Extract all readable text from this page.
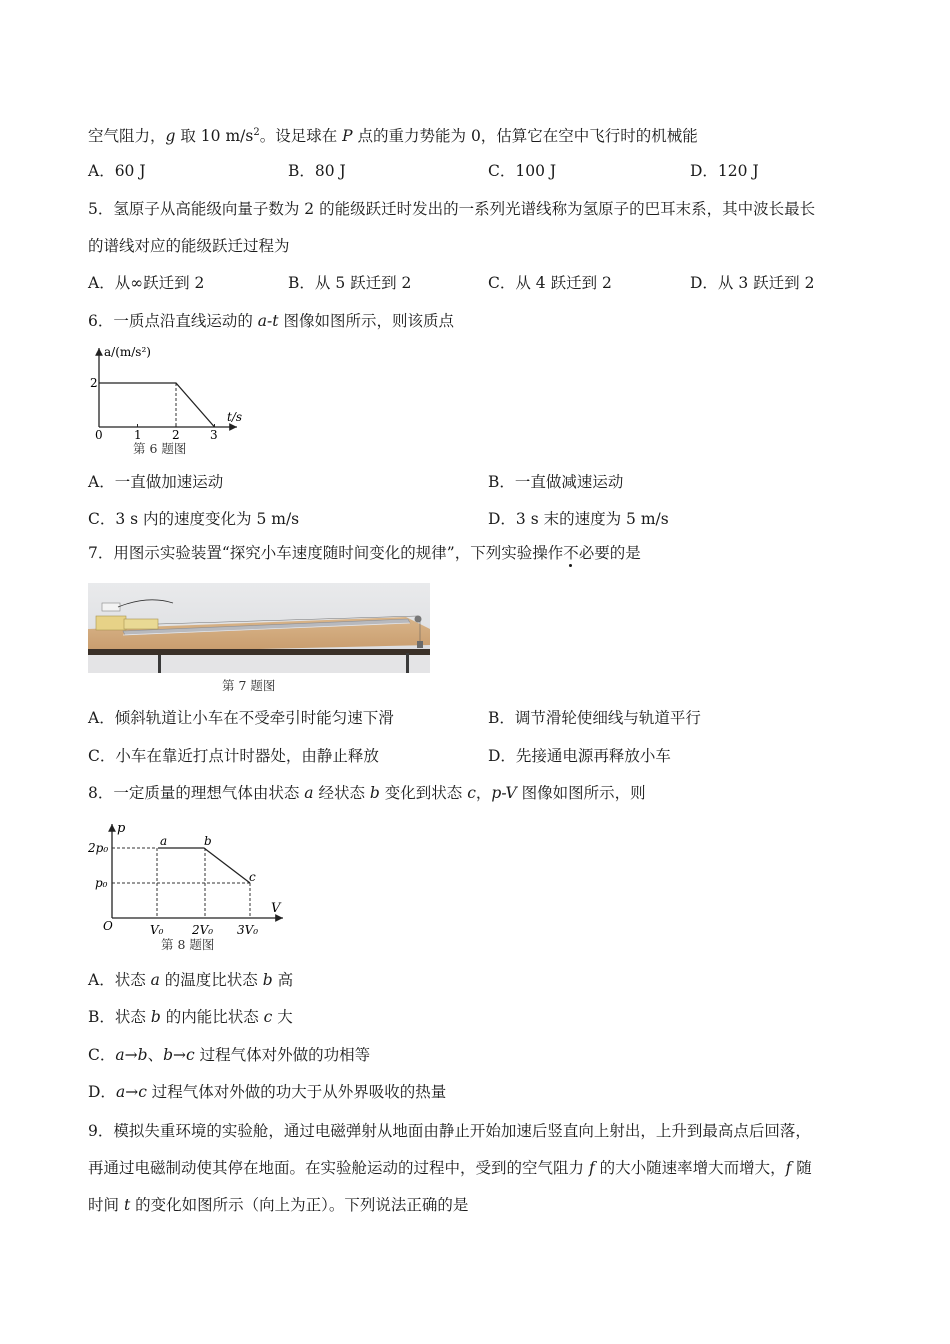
空气阻力，g 取 10 $m/s^2$。设足球在 P 点的重力势能为 0，估算它在空中飞行时的机械能
A．60 J	B．80 J	C．100 J	D．120 J
5．氢原子从高能级向量子数为 2 的能级跃迁时发出的一系列光谱线称为氢原子的巴耳末系，其中波长最长
的谱线对应的能级跃迁过程为
A．从∞跃迁到 2	B．从 5 跃迁到 2	C．从 4 跃迁到 2	D．从 3 跃迁到 2
6．一质点沿直线运动的 a-t 图像如图所示，则该质点
a/(m/s²)
t/s
2
0	1	2	3
第 6 题图
A．一直做加速运动	B．一直做减速运动
C．3 s 内的速度变化为 5 m/s	D．3 s 末的速度为 5 m/s
7．用图示实验装置“探究小车速度随时间变化的规律”，下列实验操作不必要的是
第 7 题图
A．倾斜轨道让小车在不受牵引时能匀速下滑	B．调节滑轮使细线与轨道平行
C．小车在靠近打点计时器处，由静止释放	D．先接通电源再释放小车
8．一定质量的理想气体由状态 a 经状态 b 变化到状态 c，p-V 图像如图所示，则
p
V
O
2p₀
p₀
V₀ 2V₀ 3V₀
a	b
c
第 8 题图
A．状态 a 的温度比状态 b 高
B．状态 b 的内能比状态 c 大
C．a→b、b→c 过程气体对外做的功相等
D．a→c 过程气体对外做的功大于从外界吸收的热量
9．模拟失重环境的实验舱，通过电磁弹射从地面由静止开始加速后竖直向上射出，上升到最高点后回落，
再通过电磁制动使其停在地面。在实验舱运动的过程中，受到的空气阻力 f 的大小随速率增大而增大，f 随
时间 t 的变化如图所示（向上为正）。下列说法正确的是
